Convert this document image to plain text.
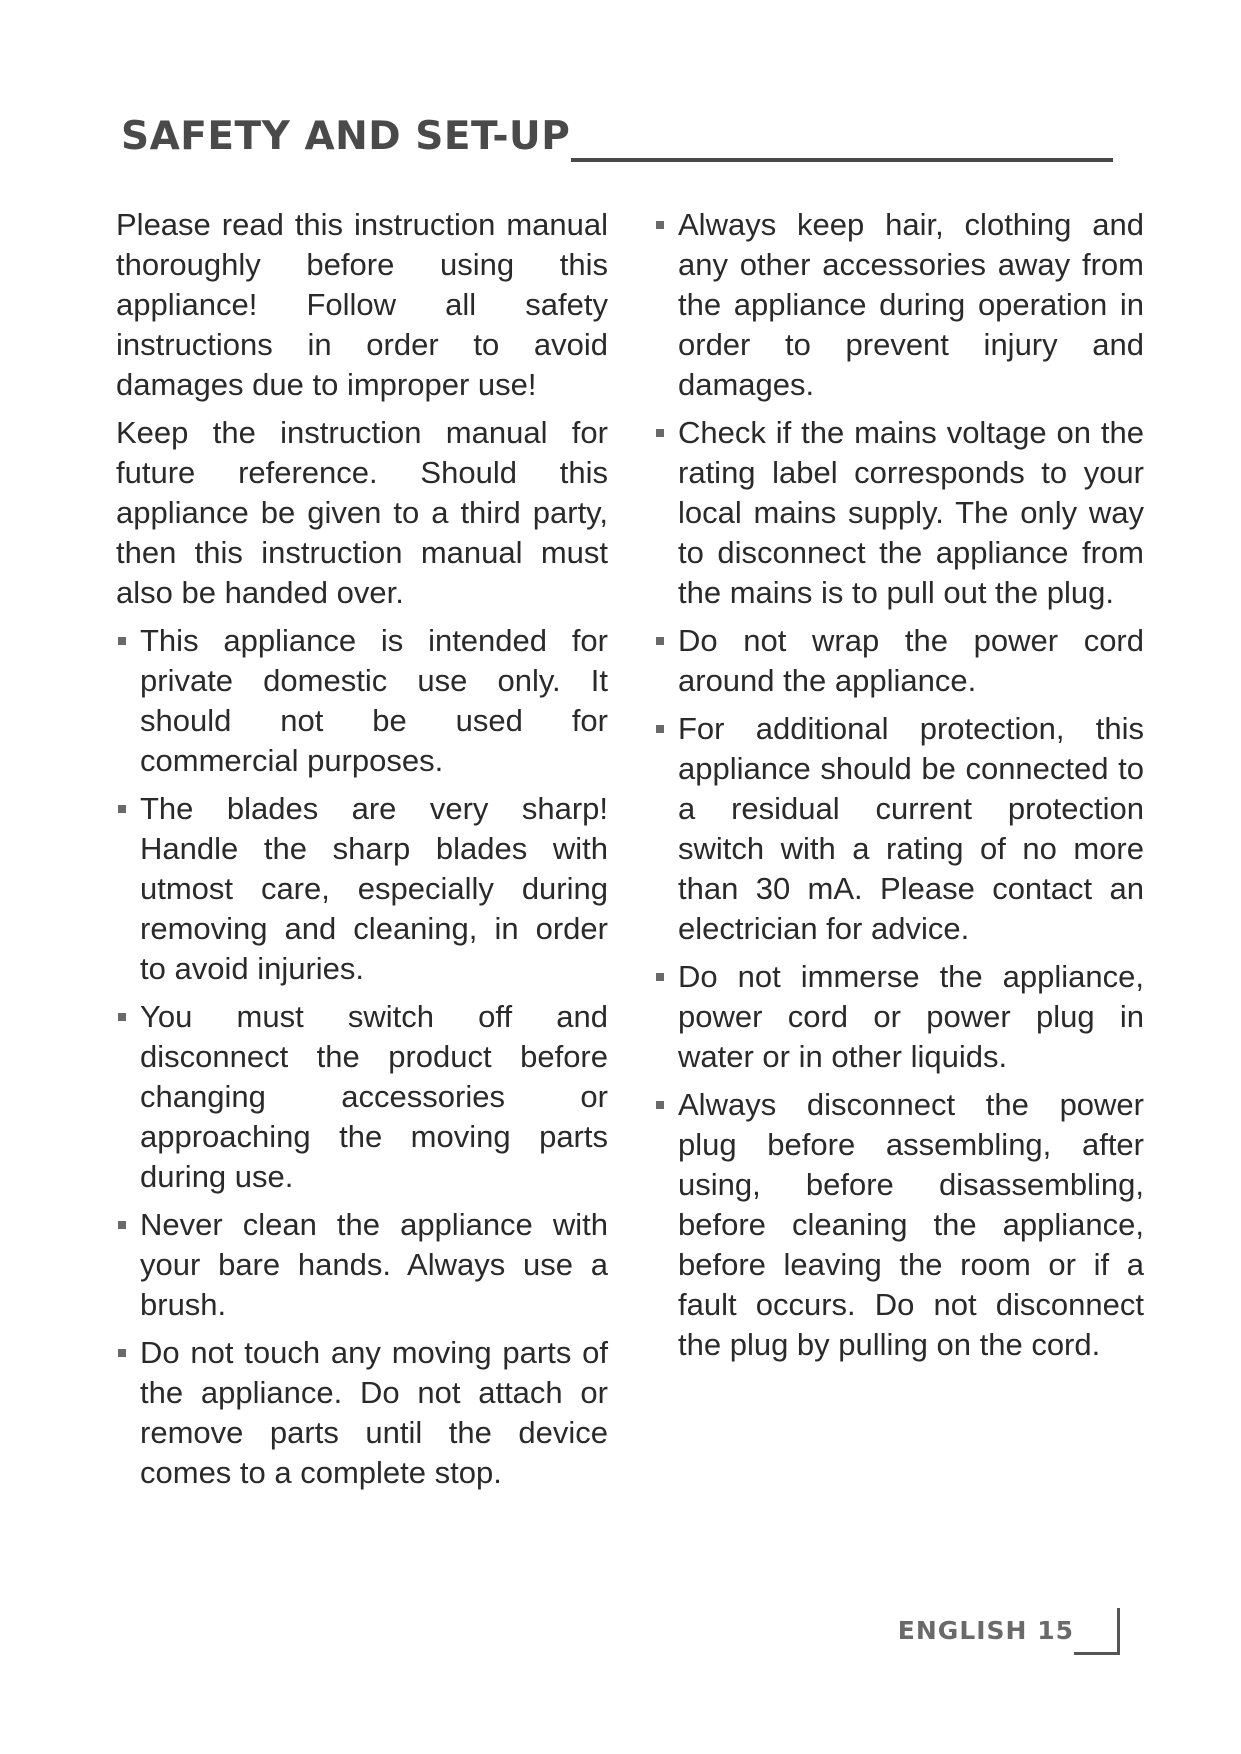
SAFETY AND SET-UP

Please read this instruction manual thoroughly before using this appliance! Follow all safety instructions in order to avoid damages due to improper use!

Keep the instruction manual for future reference. Should this appliance be given to a third party, then this instruction manual must also be handed over.

This appliance is intended for private domestic use only. It should not be used for commercial purposes.
The blades are very sharp! Handle the sharp blades with utmost care, especially during removing and cleaning, in order to avoid injuries.
You must switch off and disconnect the product before changing accessories or approaching the moving parts during use.
Never clean the appliance with your bare hands. Always use a brush.
Do not touch any moving parts of the appliance. Do not attach or remove parts until the device comes to a complete stop.
Always keep hair, clothing and any other accessories away from the appliance during operation in order to prevent injury and damages.
Check if the mains voltage on the rating label corresponds to your local mains supply. The only way to disconnect the appliance from the mains is to pull out the plug.
Do not wrap the power cord around the appliance.
For additional protection, this appliance should be connected to a residual current protection switch with a rating of no more than 30 mA. Please contact an electrician for advice.
Do not immerse the appliance, power cord or power plug in water or in other liquids.
Always disconnect the power plug before assembling, after using, before disassembling, before cleaning the appliance, before leaving the room or if a fault occurs. Do not disconnect the plug by pulling on the cord.
ENGLISH 15
